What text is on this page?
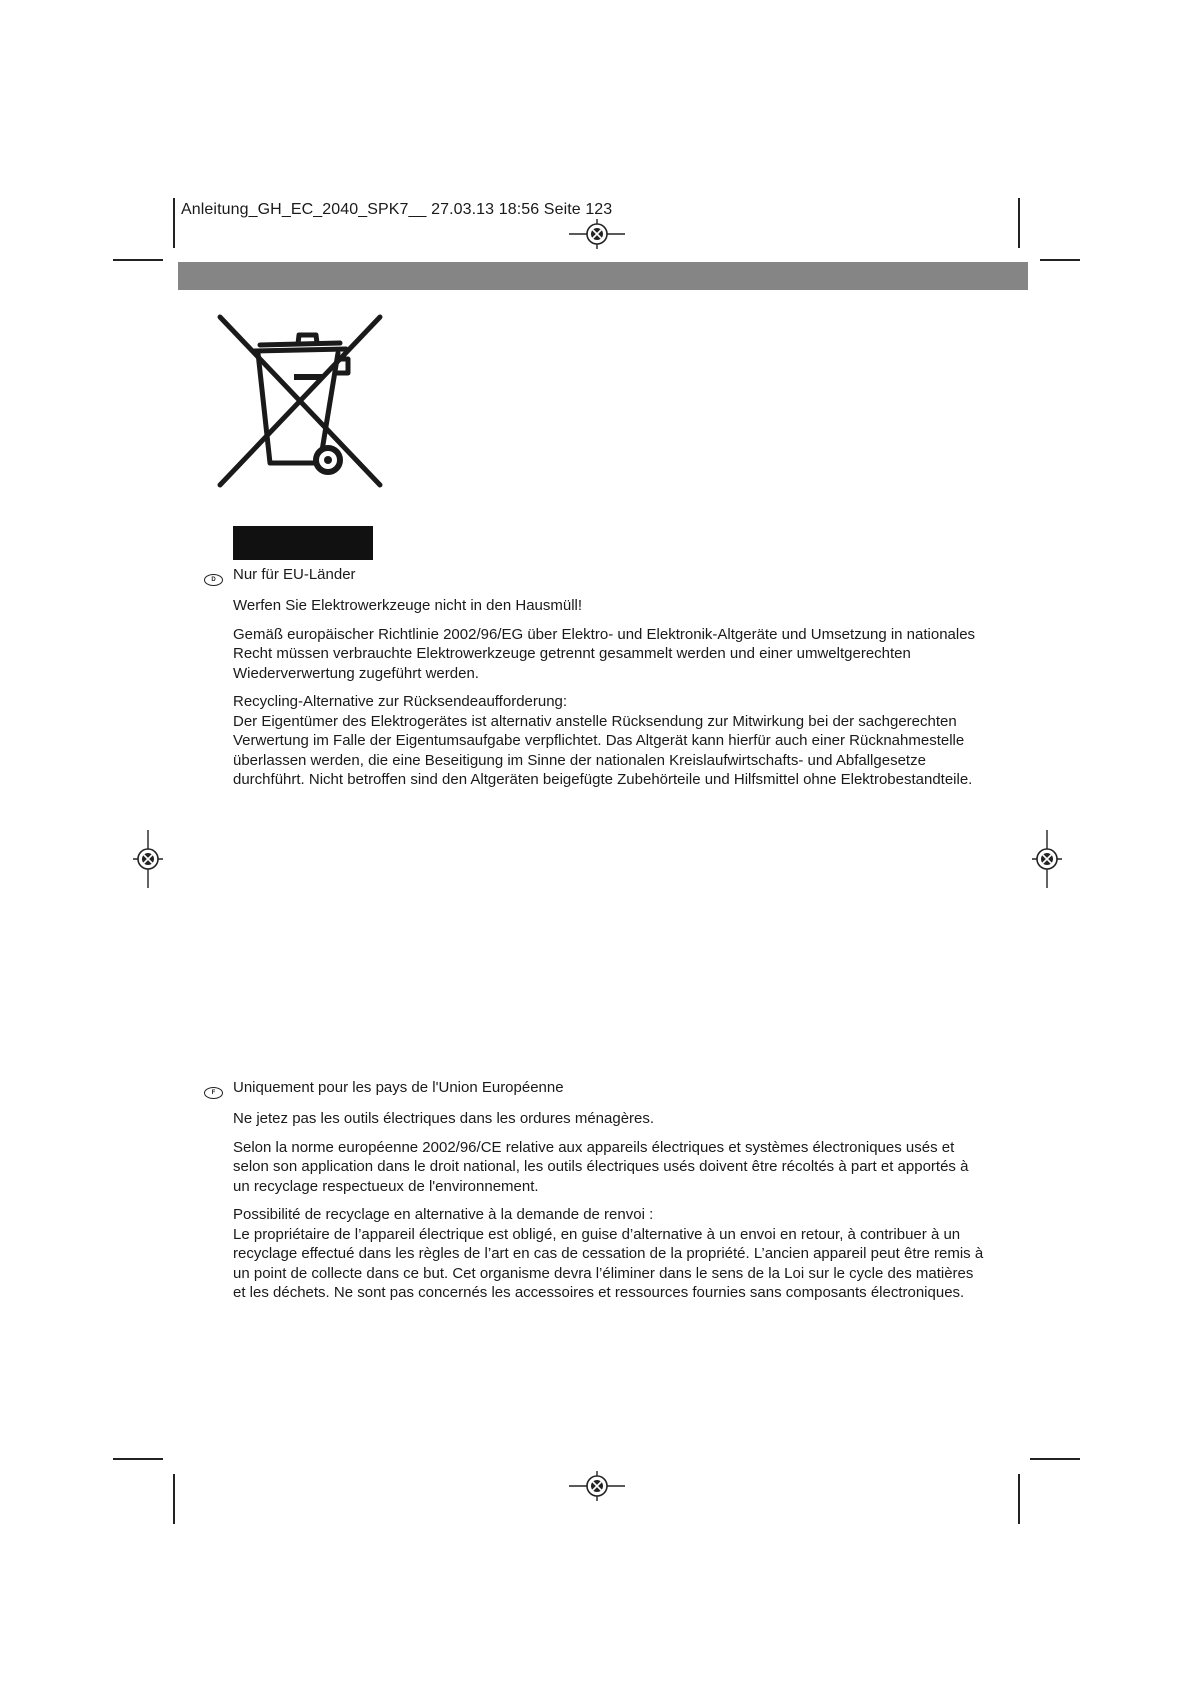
Anleitung_GH_EC_2040_SPK7__ 27.03.13 18:56 Seite 123
D	Nur für EU-Länder

Werfen Sie Elektrowerkzeuge nicht in den Hausmüll!

Gemäß europäischer Richtlinie 2002/96/EG über Elektro- und Elektronik-Altgeräte und Umsetzung in nationales Recht müssen verbrauchte Elektrowerkzeuge getrennt gesammelt werden und einer umweltgerechten Wiederverwertung zugeführt werden.

Recycling-Alternative zur Rücksendeaufforderung:

Der Eigentümer des Elektrogerätes ist alternativ anstelle Rücksendung zur Mitwirkung bei der sachgerechten Verwertung im Falle der Eigentumsaufgabe verpflichtet. Das Altgerät kann hierfür auch einer Rücknahmestelle überlassen werden, die eine Beseitigung im Sinne der nationalen Kreislaufwirtschafts- und Abfallgesetze durchführt. Nicht betroffen sind den Altgeräten beigefügte Zubehörteile und Hilfsmittel ohne Elektrobestandteile.

F	Uniquement pour les pays de l'Union Européenne

Ne jetez pas les outils électriques dans les ordures ménagères.

Selon la norme européenne 2002/96/CE relative aux appareils électriques et systèmes électroniques usés et selon son application dans le droit national, les outils électriques usés doivent être récoltés à part et apportés à un recyclage respectueux de l'environnement.

Possibilité de recyclage en alternative à la demande de renvoi :

Le propriétaire de l’appareil électrique est obligé, en guise d’alternative à un envoi en retour, à contribuer à un recyclage effectué dans les règles de l’art en cas de cessation de la propriété. L’ancien appareil peut être remis à un point de collecte dans ce but. Cet organisme devra l’éliminer dans le sens de la Loi sur le cycle des matières et les déchets. Ne sont pas concernés les accessoires et ressources fournies sans composants électroniques.
